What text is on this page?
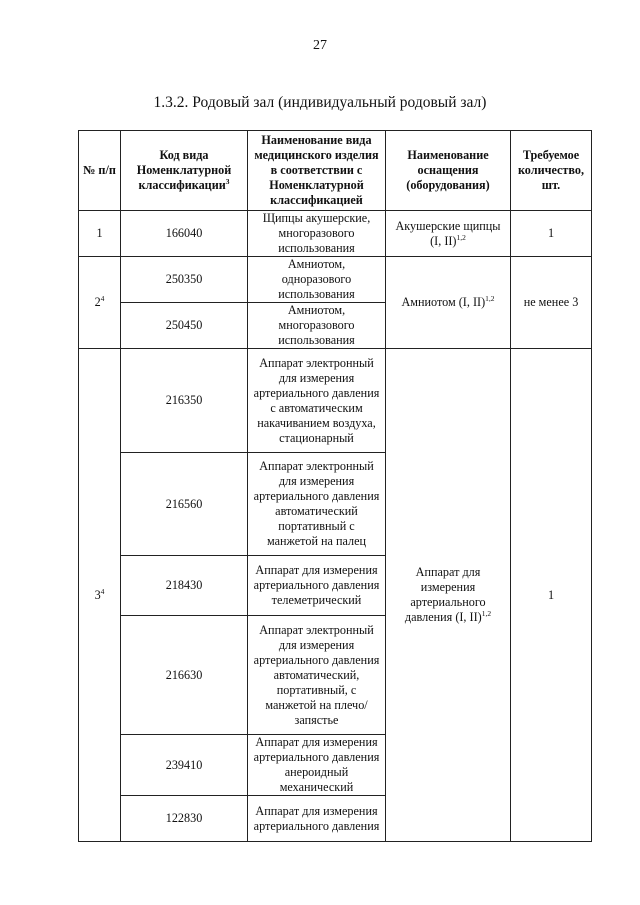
27
1.3.2. Родовый зал (индивидуальный родовый зал)
№ п/п	Код вида Номенклатурной классификации$^3$	Наименование вида медицинского изделия в соответствии с Номенклатурной классификацией	Наименование оснащения (оборудования)	Требуемое количество, шт.
1	166040	Щипцы акушерские, многоразового использования	Акушерские щипцы (I, II)$^{1,2}$	1
$2^4$	250350	Амниотом, одноразового использования	Амниотом (I, II)$^{1,2}$	не менее 3
	250450	Амниотом, многоразового использования		
$3^4$	216350	Аппарат электронный для измерения артериального давления с автоматическим накачиванием воздуха, стационарный	Аппарат для измерения артериального давления (I, II)$^{1,2}$	1
	216560	Аппарат электронный для измерения артериального давления автоматический портативный с манжетой на палец		
	218430	Аппарат для измерения артериального давления телеметрический		
	216630	Аппарат электронный для измерения артериального давления автоматический, портативный, с манжетой на плечо/запястье		
	239410	Аппарат для измерения артериального давления анероидный механический		
	122830	Аппарат для измерения артериального давления		
